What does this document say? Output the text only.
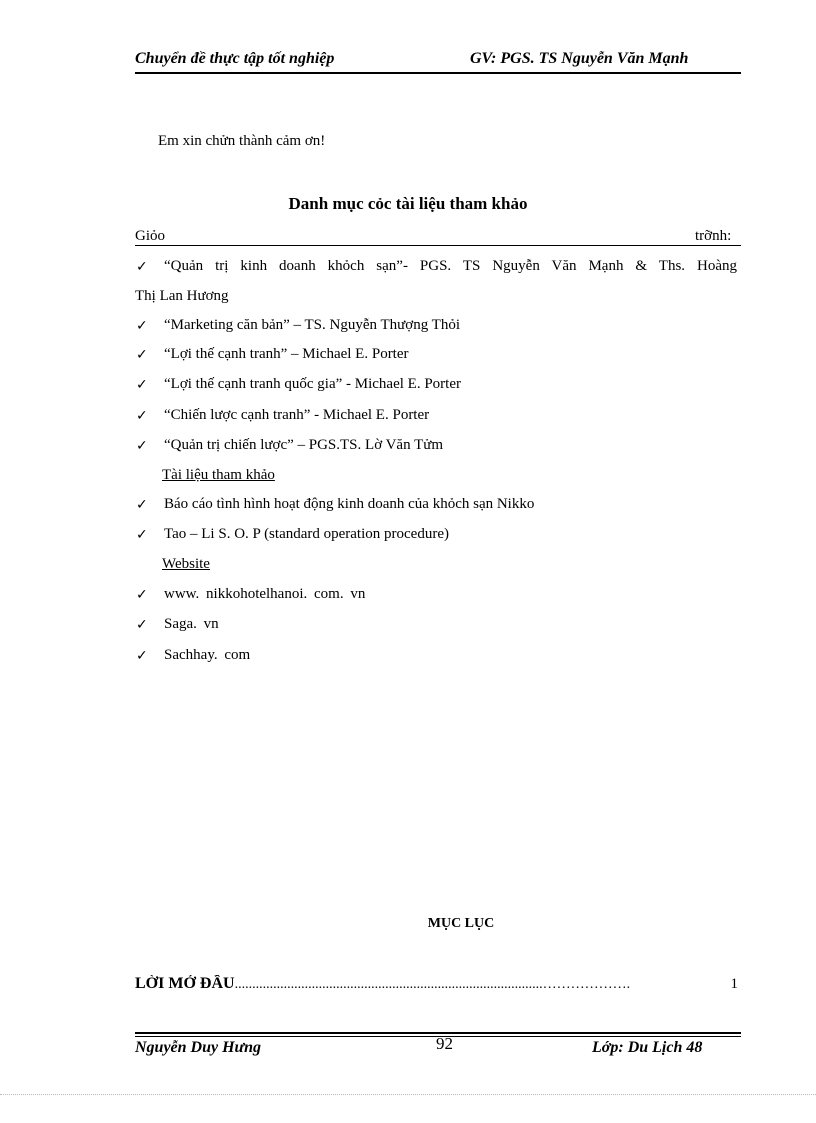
Chuyển đề thực tập tốt nghiệp	GV: PGS. TS Nguyễn Văn Mạnh
Em xin chửn thành cảm ơn!
Danh mục cỏc tài liệu tham khảo
Giỏo	trỡnh:
✓ “Quản trị kinh doanh khỏch sạn”- PGS. TS Nguyễn Văn Mạnh & Ths. Hoàng
Thị Lan Hương
✓ “Marketing căn bản” – TS. Nguyễn Thượng Thỏi
✓ “Lợi thế cạnh tranh” – Michael E. Porter
✓ “Lợi thế cạnh tranh quốc gia” - Michael E. Porter
✓ “Chiến lược cạnh tranh” - Michael E. Porter
✓ “Quản trị chiến lược” – PGS.TS. Lờ Văn Tửm
Tài liệu tham khảo
✓ Báo cáo tình hình hoạt động kinh doanh của khỏch sạn Nikko
✓ Tao – Li S. O. P (standard operation procedure)
Website
✓ www. nikkohotelhanoi. com. vn
✓ Saga. vn
✓ Sachhay. com
MỤC LỤC
LỜI MỞ ĐẦU........................................................................................……………….	1
Nguyễn Duy Hưng	92	Lớp: Du Lịch 48
